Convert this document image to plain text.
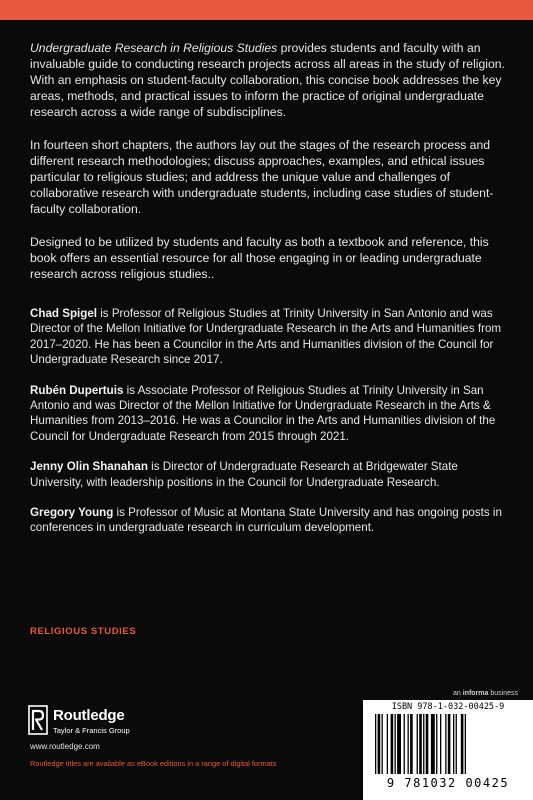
Undergraduate Research in Religious Studies provides students and faculty with an invaluable guide to conducting research projects across all areas in the study of religion. With an emphasis on student-faculty collaboration, this concise book addresses the key areas, methods, and practical issues to inform the practice of original undergraduate research across a wide range of subdisciplines.

In fourteen short chapters, the authors lay out the stages of the research process and different research methodologies; discuss approaches, examples, and ethical issues particular to religious studies; and address the unique value and challenges of collaborative research with undergraduate students, including case studies of student-faculty collaboration.

Designed to be utilized by students and faculty as both a textbook and reference, this book offers an essential resource for all those engaging in or leading undergraduate research across religious studies..

Chad Spigel is Professor of Religious Studies at Trinity University in San Antonio and was Director of the Mellon Initiative for Undergraduate Research in the Arts and Humanities from 2017–2020. He has been a Councilor in the Arts and Humanities division of the Council for Undergraduate Research since 2017.

Rubén Dupertuis is Associate Professor of Religious Studies at Trinity University in San Antonio and was Director of the Mellon Initiative for Undergraduate Research in the Arts & Humanities from 2013–2016. He was a Councilor in the Arts and Humanities division of the Council for Undergraduate Research from 2015 through 2021.

Jenny Olin Shanahan is Director of Undergraduate Research at Bridgewater State University, with leadership positions in the Council for Undergraduate Research.

Gregory Young is Professor of Music at Montana State University and has ongoing posts in conferences in undergraduate research in curriculum development.

RELIGIOUS STUDIES
an informa business
Routledge
Taylor & Francis Group
www.routledge.com
Routledge titles are available as eBook editions in a range of digital formats
ISBN 978-1-032-00425-9
9 781032 00425
